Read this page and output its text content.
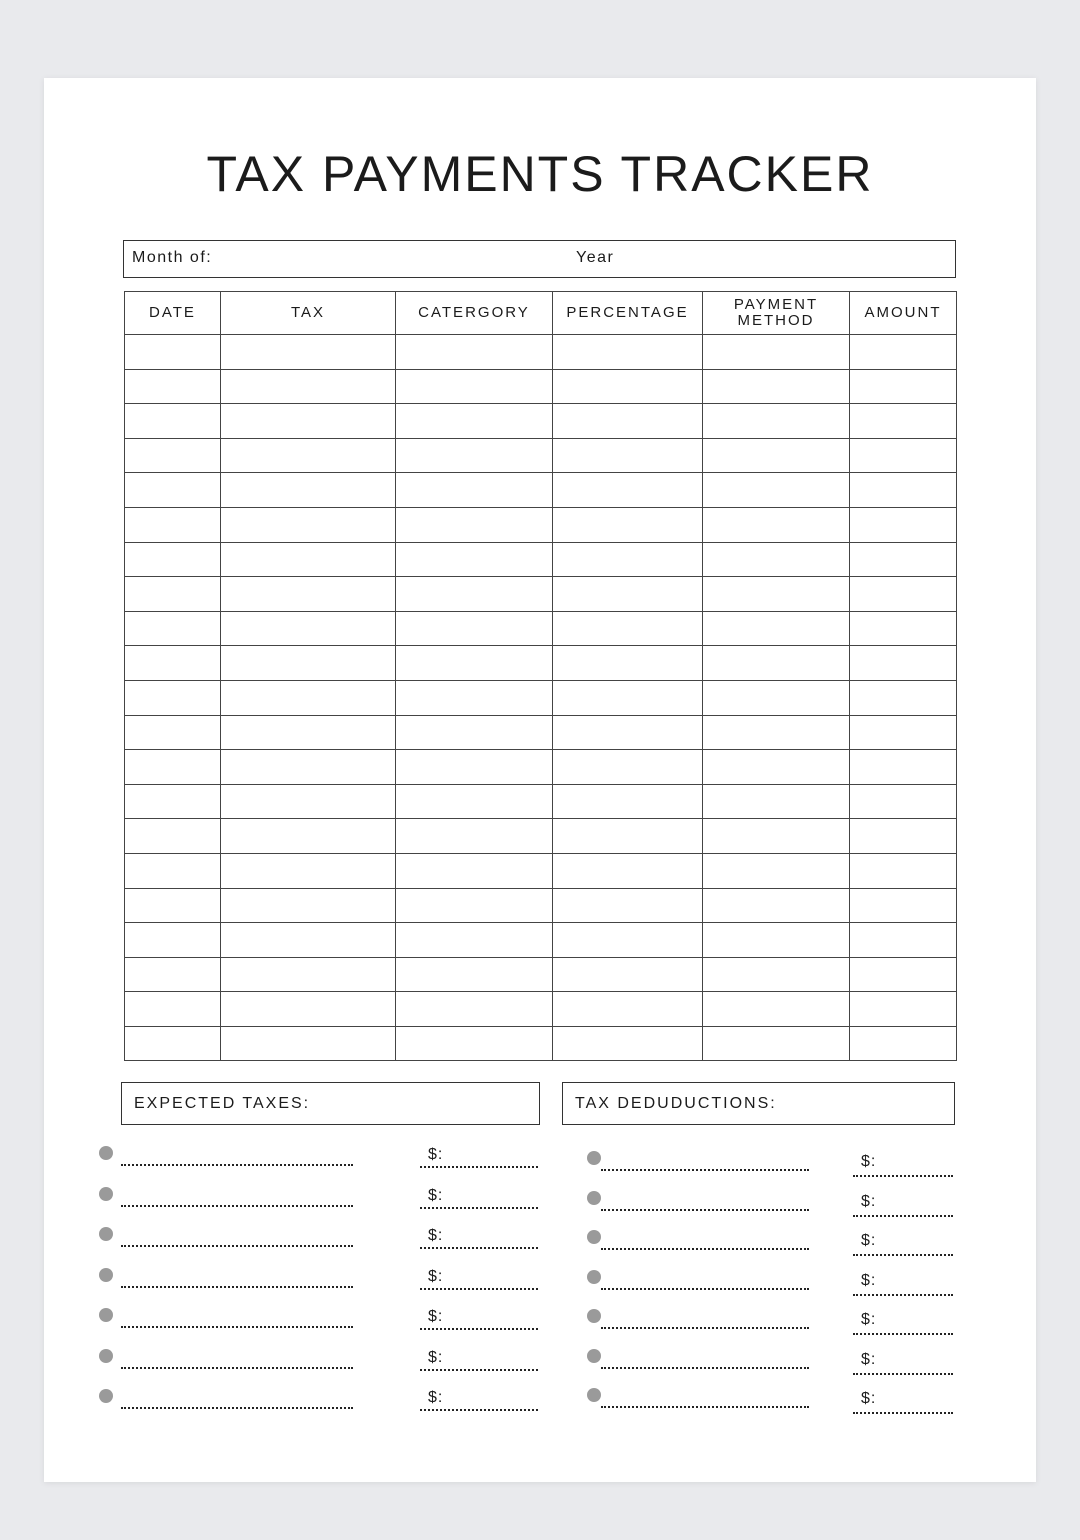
TAX PAYMENTS TRACKER
Month of:	Year
DATE	TAX	CATERGORY	PERCENTAGE	PAYMENT METHOD	AMOUNT

EXPECTED TAXES:	TAX DEDUDUCTIONS:
$:
$:
$:
$:
$:
$:
$:
$:
$:
$:
$:
$:
$:
$:
